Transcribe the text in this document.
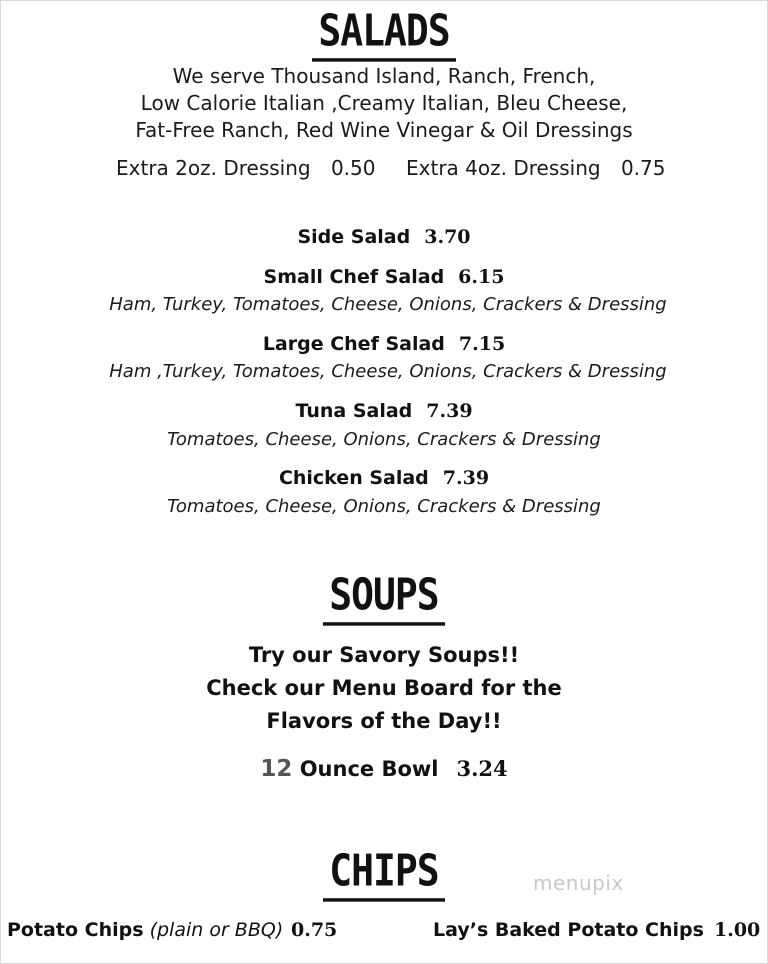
SALADS
We serve Thousand Island, Ranch, French,
Low Calorie Italian ,Creamy Italian, Bleu Cheese,
Fat-Free Ranch, Red Wine Vinegar & Oil Dressings
Extra 2oz. Dressing 0.50 Extra 4oz. Dressing 0.75
Side Salad 3.70
Small Chef Salad 6.15
Ham, Turkey, Tomatoes, Cheese, Onions, Crackers & Dressing
Large Chef Salad 7.15
Ham ,Turkey, Tomatoes, Cheese, Onions, Crackers & Dressing
Tuna Salad 7.39
Tomatoes, Cheese, Onions, Crackers & Dressing
Chicken Salad 7.39
Tomatoes, Cheese, Onions, Crackers & Dressing
SOUPS
Try our Savory Soups!!
Check our Menu Board for the
Flavors of the Day!!
12 Ounce Bowl 3.24
CHIPS	menupix
Potato Chips (plain or BBQ) 0.75	Lay’s Baked Potato Chips 1.00
